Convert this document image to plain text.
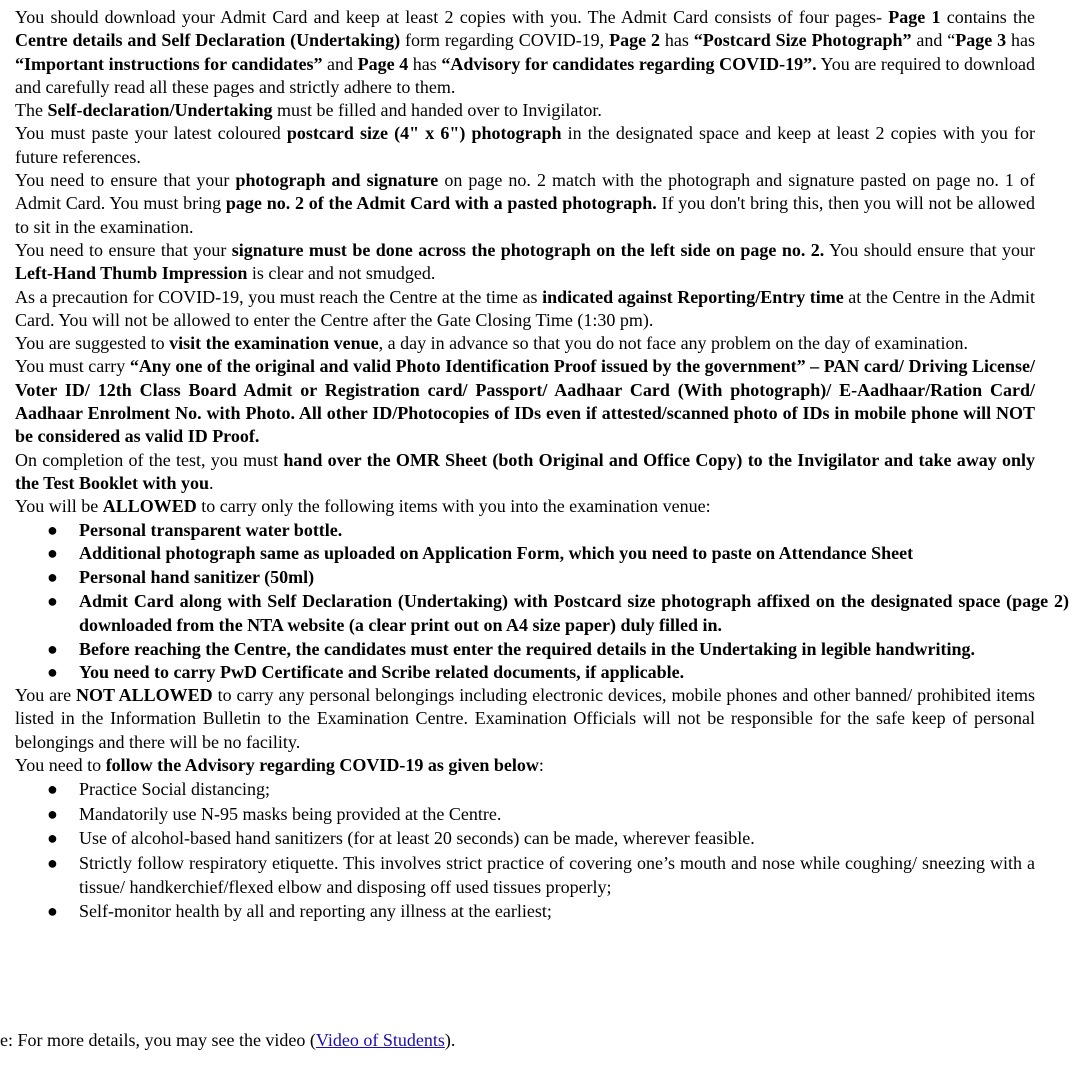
You should download your Admit Card and keep at least 2 copies with you. The Admit Card consists of four pages- Page 1 contains the Centre details and Self Declaration (Undertaking) form regarding COVID-19, Page 2 has “Postcard Size Photograph” and “Page 3 has “Important instructions for candidates” and Page 4 has “Advisory for candidates regarding COVID-19”. You are required to download and carefully read all these pages and strictly adhere to them.

The Self-declaration/Undertaking must be filled and handed over to Invigilator.

You must paste your latest coloured postcard size (4" x 6") photograph in the designated space and keep at least 2 copies with you for future references.

You need to ensure that your photograph and signature on page no. 2 match with the photograph and signature pasted on page no. 1 of Admit Card. You must bring page no. 2 of the Admit Card with a pasted photograph. If you don't bring this, then you will not be allowed to sit in the examination.

You need to ensure that your signature must be done across the photograph on the left side on page no. 2. You should ensure that your Left-Hand Thumb Impression is clear and not smudged.

As a precaution for COVID-19, you must reach the Centre at the time as indicated against Reporting/Entry time at the Centre in the Admit Card. You will not be allowed to enter the Centre after the Gate Closing Time (1:30 pm).

You are suggested to visit the examination venue, a day in advance so that you do not face any problem on the day of examination.

You must carry “Any one of the original and valid Photo Identification Proof issued by the government” – PAN card/ Driving License/ Voter ID/ 12th Class Board Admit or Registration card/ Passport/ Aadhaar Card (With photograph)/ E-Aadhaar/Ration Card/ Aadhaar Enrolment No. with Photo. All other ID/Photocopies of IDs even if attested/scanned photo of IDs in mobile phone will NOT be considered as valid ID Proof.

On completion of the test, you must hand over the OMR Sheet (both Original and Office Copy) to the Invigilator and take away only the Test Booklet with you.

You will be ALLOWED to carry only the following items with you into the examination venue:

● Personal transparent water bottle.
● Additional photograph same as uploaded on Application Form, which you need to paste on Attendance Sheet
● Personal hand sanitizer (50ml)
● Admit Card along with Self Declaration (Undertaking) with Postcard size photograph affixed on the designated space (page 2) downloaded from the NTA website (a clear print out on A4 size paper) duly filled in.
● Before reaching the Centre, the candidates must enter the required details in the Undertaking in legible handwriting.
● You need to carry PwD Certificate and Scribe related documents, if applicable.

You are NOT ALLOWED to carry any personal belongings including electronic devices, mobile phones and other banned/ prohibited items listed in the Information Bulletin to the Examination Centre. Examination Officials will not be responsible for the safe keep of personal belongings and there will be no facility.

You need to follow the Advisory regarding COVID-19 as given below:

● Practice Social distancing;
● Mandatorily use N-95 masks being provided at the Centre.
● Use of alcohol-based hand sanitizers (for at least 20 seconds) can be made, wherever feasible.
● Strictly follow respiratory etiquette. This involves strict practice of covering one’s mouth and nose while coughing/ sneezing with a tissue/ handkerchief/flexed elbow and disposing off used tissues properly;
● Self-monitor health by all and reporting any illness at the earliest;
e: For more details, you may see the video (Video of Students).
